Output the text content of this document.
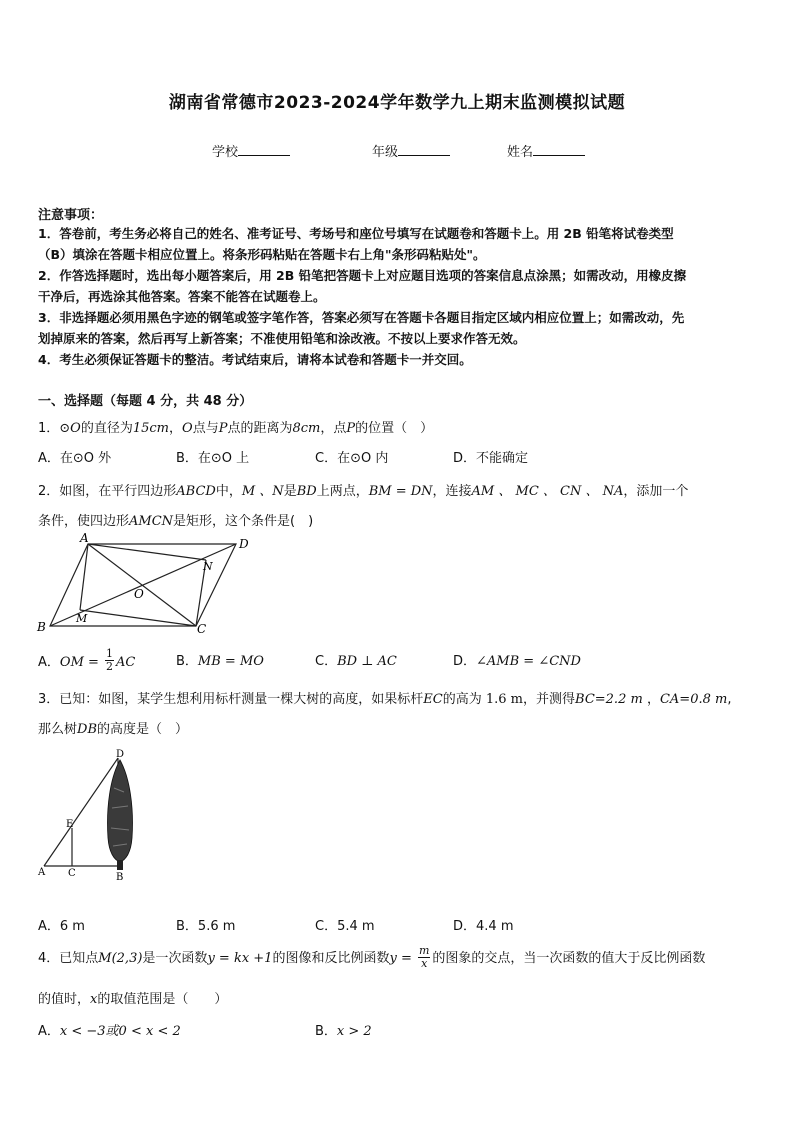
湖南省常德市2023-2024学年数学九上期末监测模拟试题
学校	年级	姓名
注意事项：
1．答卷前，考生务必将自己的姓名、准考证号、考场号和座位号填写在试题卷和答题卡上。用 2B 铅笔将试卷类型
（B）填涂在答题卡相应位置上。将条形码粘贴在答题卡右上角"条形码粘贴处"。
2．作答选择题时，选出每小题答案后，用 2B 铅笔把答题卡上对应题目选项的答案信息点涂黑；如需改动，用橡皮擦
干净后，再选涂其他答案。答案不能答在试题卷上。
3．非选择题必须用黑色字迹的钢笔或签字笔作答，答案必须写在答题卡各题目指定区域内相应位置上；如需改动，先
划掉原来的答案，然后再写上新答案；不准使用铅笔和涂改液。不按以上要求作答无效。
4．考生必须保证答题卡的整洁。考试结束后，请将本试卷和答题卡一并交回。
一、选择题（每题 4 分，共 48 分）
1．⊙O的直径为15cm，O点与P点的距离为8cm，点P的位置（　）
A．在⊙O 外	B．在⊙O 上	C．在⊙O 内	D．不能确定
2．如图，在平行四边形ABCD中，M 、N是BD上两点，BM = DN，连接AM 、 MC 、 CN 、 NA，添加一个
条件，使四边形AMCN是矩形，这个条件是(　)
A	D
B	C
M
N
O
A．OM = $\frac{1}{2}$ AC	B．MB = MO	C．BD ⊥ AC	D．∠AMB = ∠CND
3．已知：如图，某学生想利用标杆测量一棵大树的高度，如果标杆EC的高为 1.6 m，并测得BC=2.2 m ，CA=0.8 m,
那么树DB的高度是（　）
D
E
A C	B
A．6 m	B．5.6 m	C．5.4 m	D．4.4 m
4．已知点M(2,3)是一次函数y = kx +1的图像和反比例函数$y = \frac{m}{x}$ 的图象的交点，当一次函数的值大于反比例函数
的值时，x的取值范围是（　　）
A．x < −3或0 < x < 2	B．x > 2
